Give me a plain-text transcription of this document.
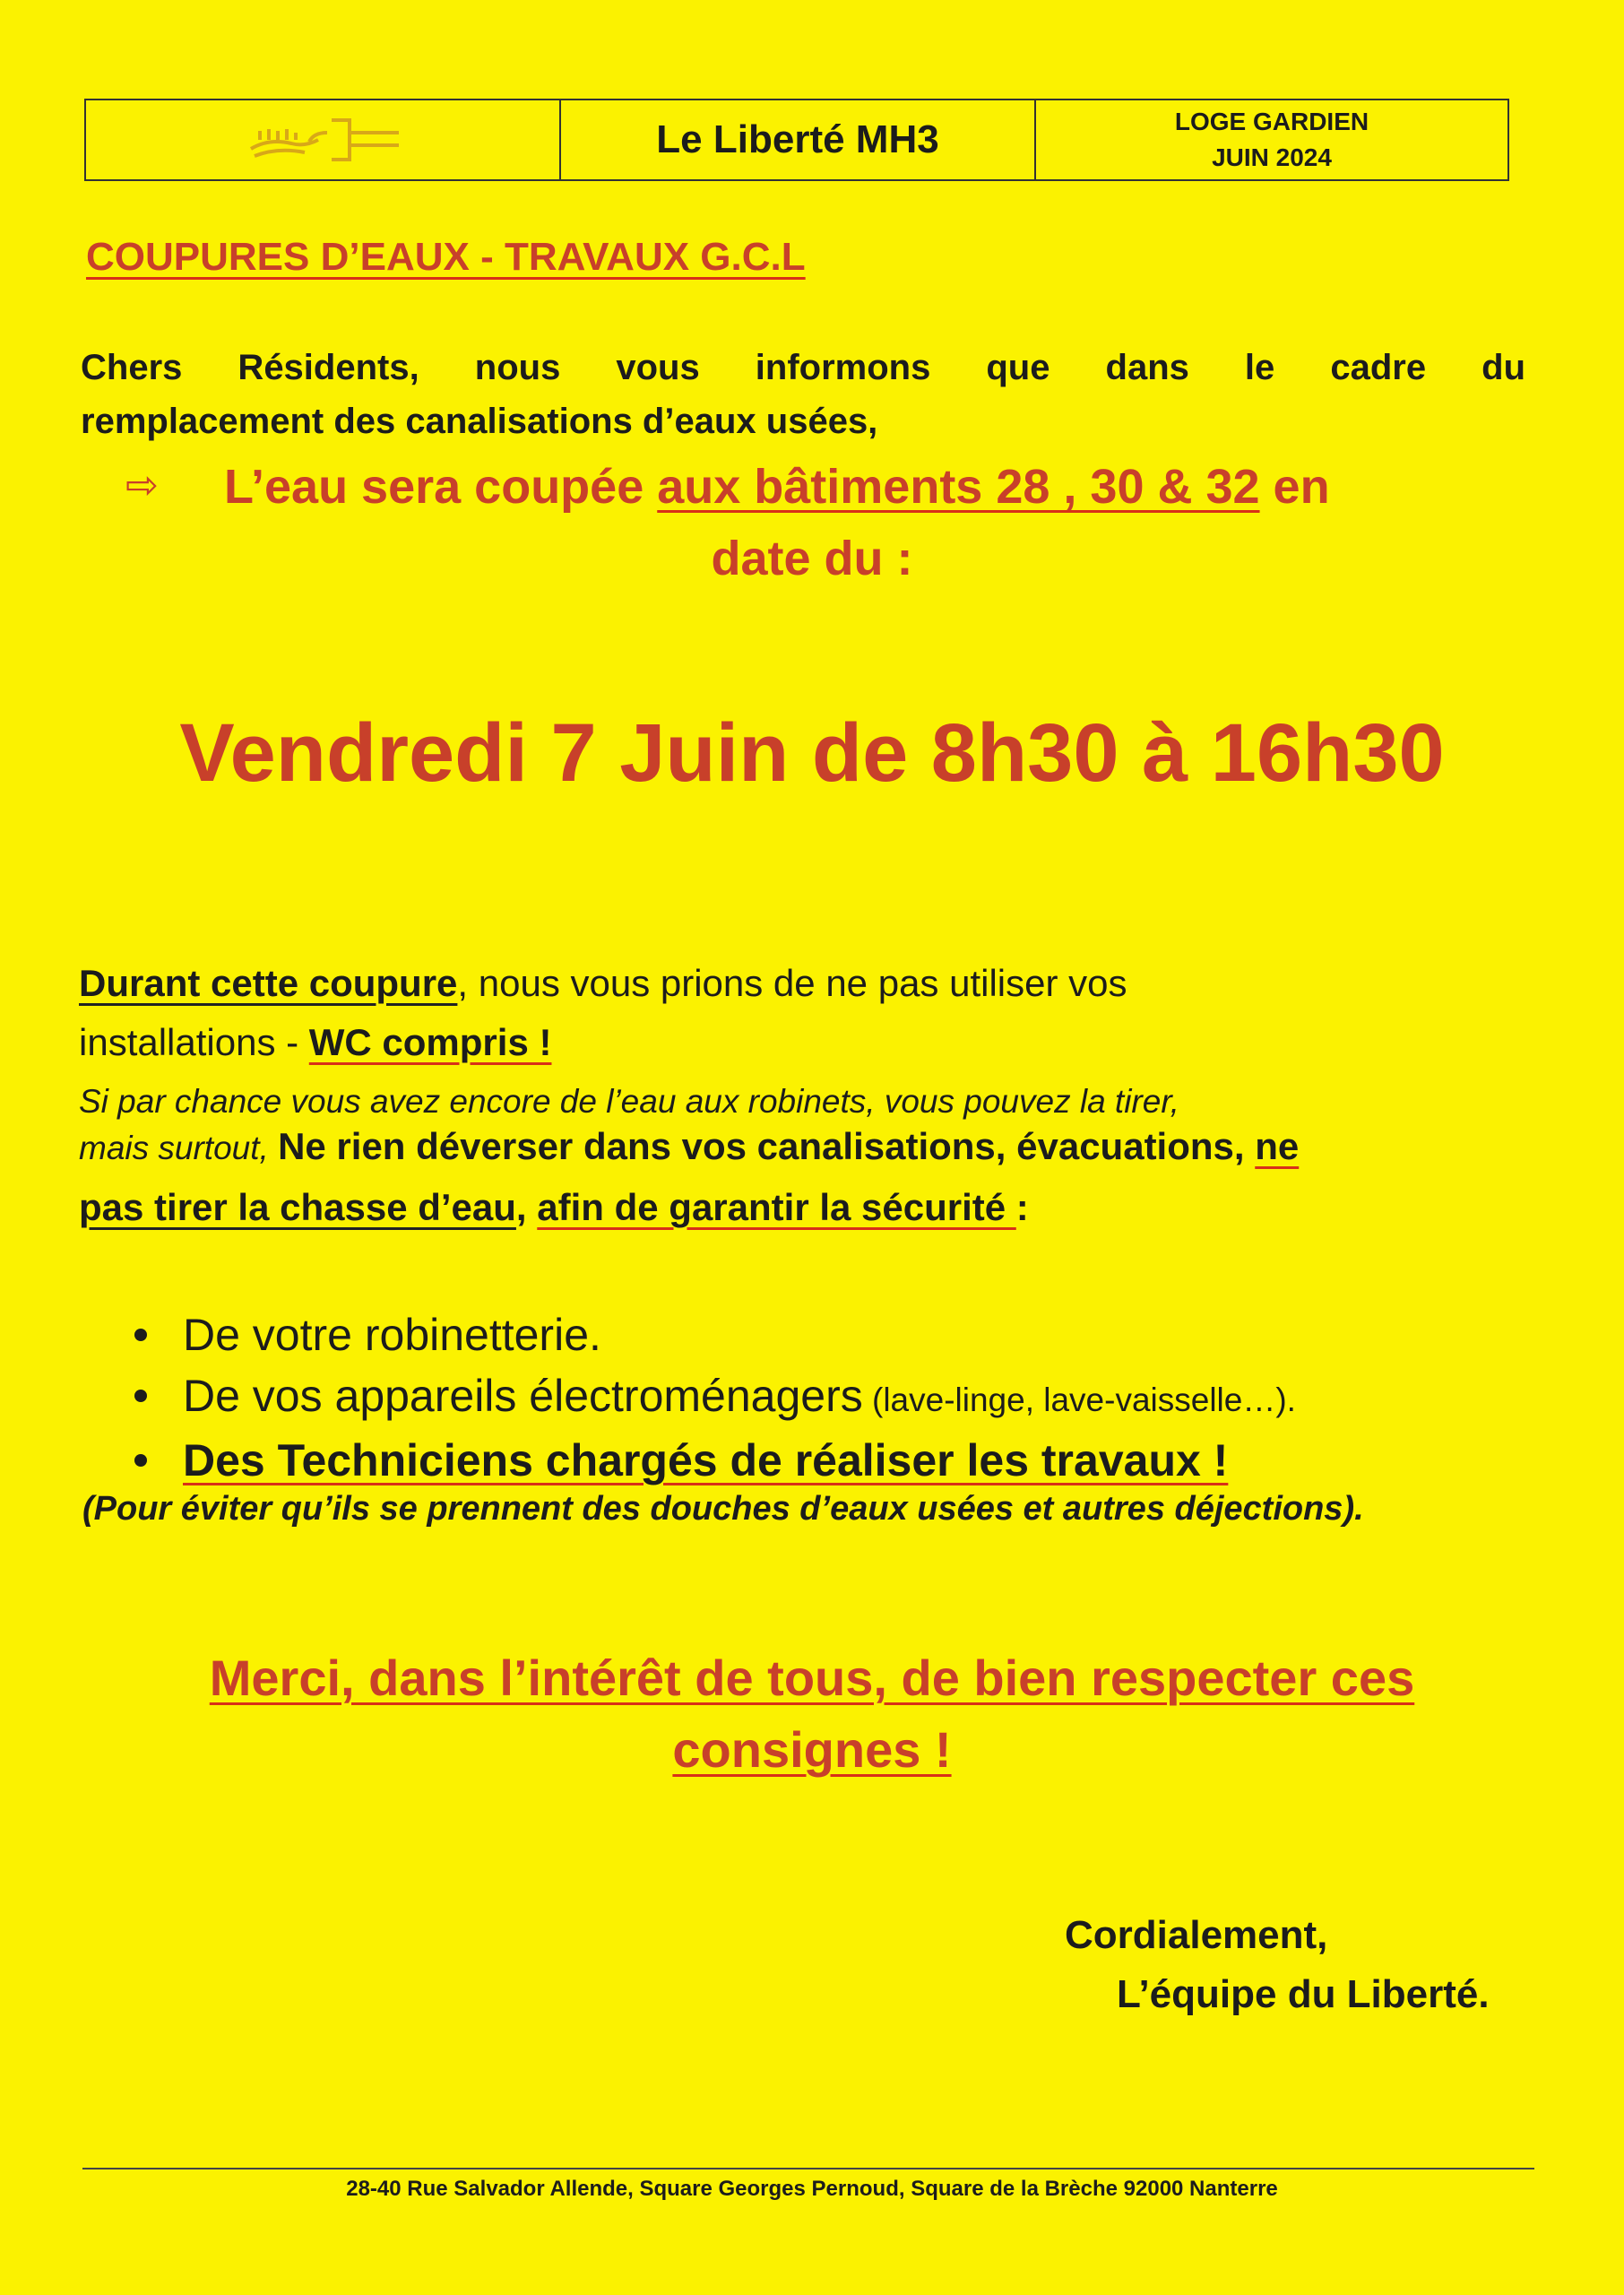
Le Liberté MH3	LOGE GARDIEN
JUIN 2024
COUPURES D’EAUX - TRAVAUX G.C.L
Chers Résidents, nous vous informons que dans le cadre du
remplacement des canalisations d’eaux usées,
⇨ L’eau sera coupée aux bâtiments 28 , 30 & 32 en
date du :
Vendredi 7 Juin de 8h30 à 16h30
Durant cette coupure, nous vous prions de ne pas utiliser vos
installations - WC compris !
Si par chance vous avez encore de l’eau aux robinets, vous pouvez la tirer,
mais surtout, Ne rien déverser dans vos canalisations, évacuations, ne
pas tirer la chasse d’eau, afin de garantir la sécurité :
De votre robinetterie.
De vos appareils électroménagers (lave-linge, lave-vaisselle…).
Des Techniciens chargés de réaliser les travaux !
(Pour éviter qu’ils se prennent des douches d’eaux usées et autres déjections).
Merci, dans l’intérêt de tous, de bien respecter ces
consignes !
Cordialement,
L’équipe du Liberté.
28-40 Rue Salvador Allende, Square Georges Pernoud, Square de la Brèche 92000 Nanterre
